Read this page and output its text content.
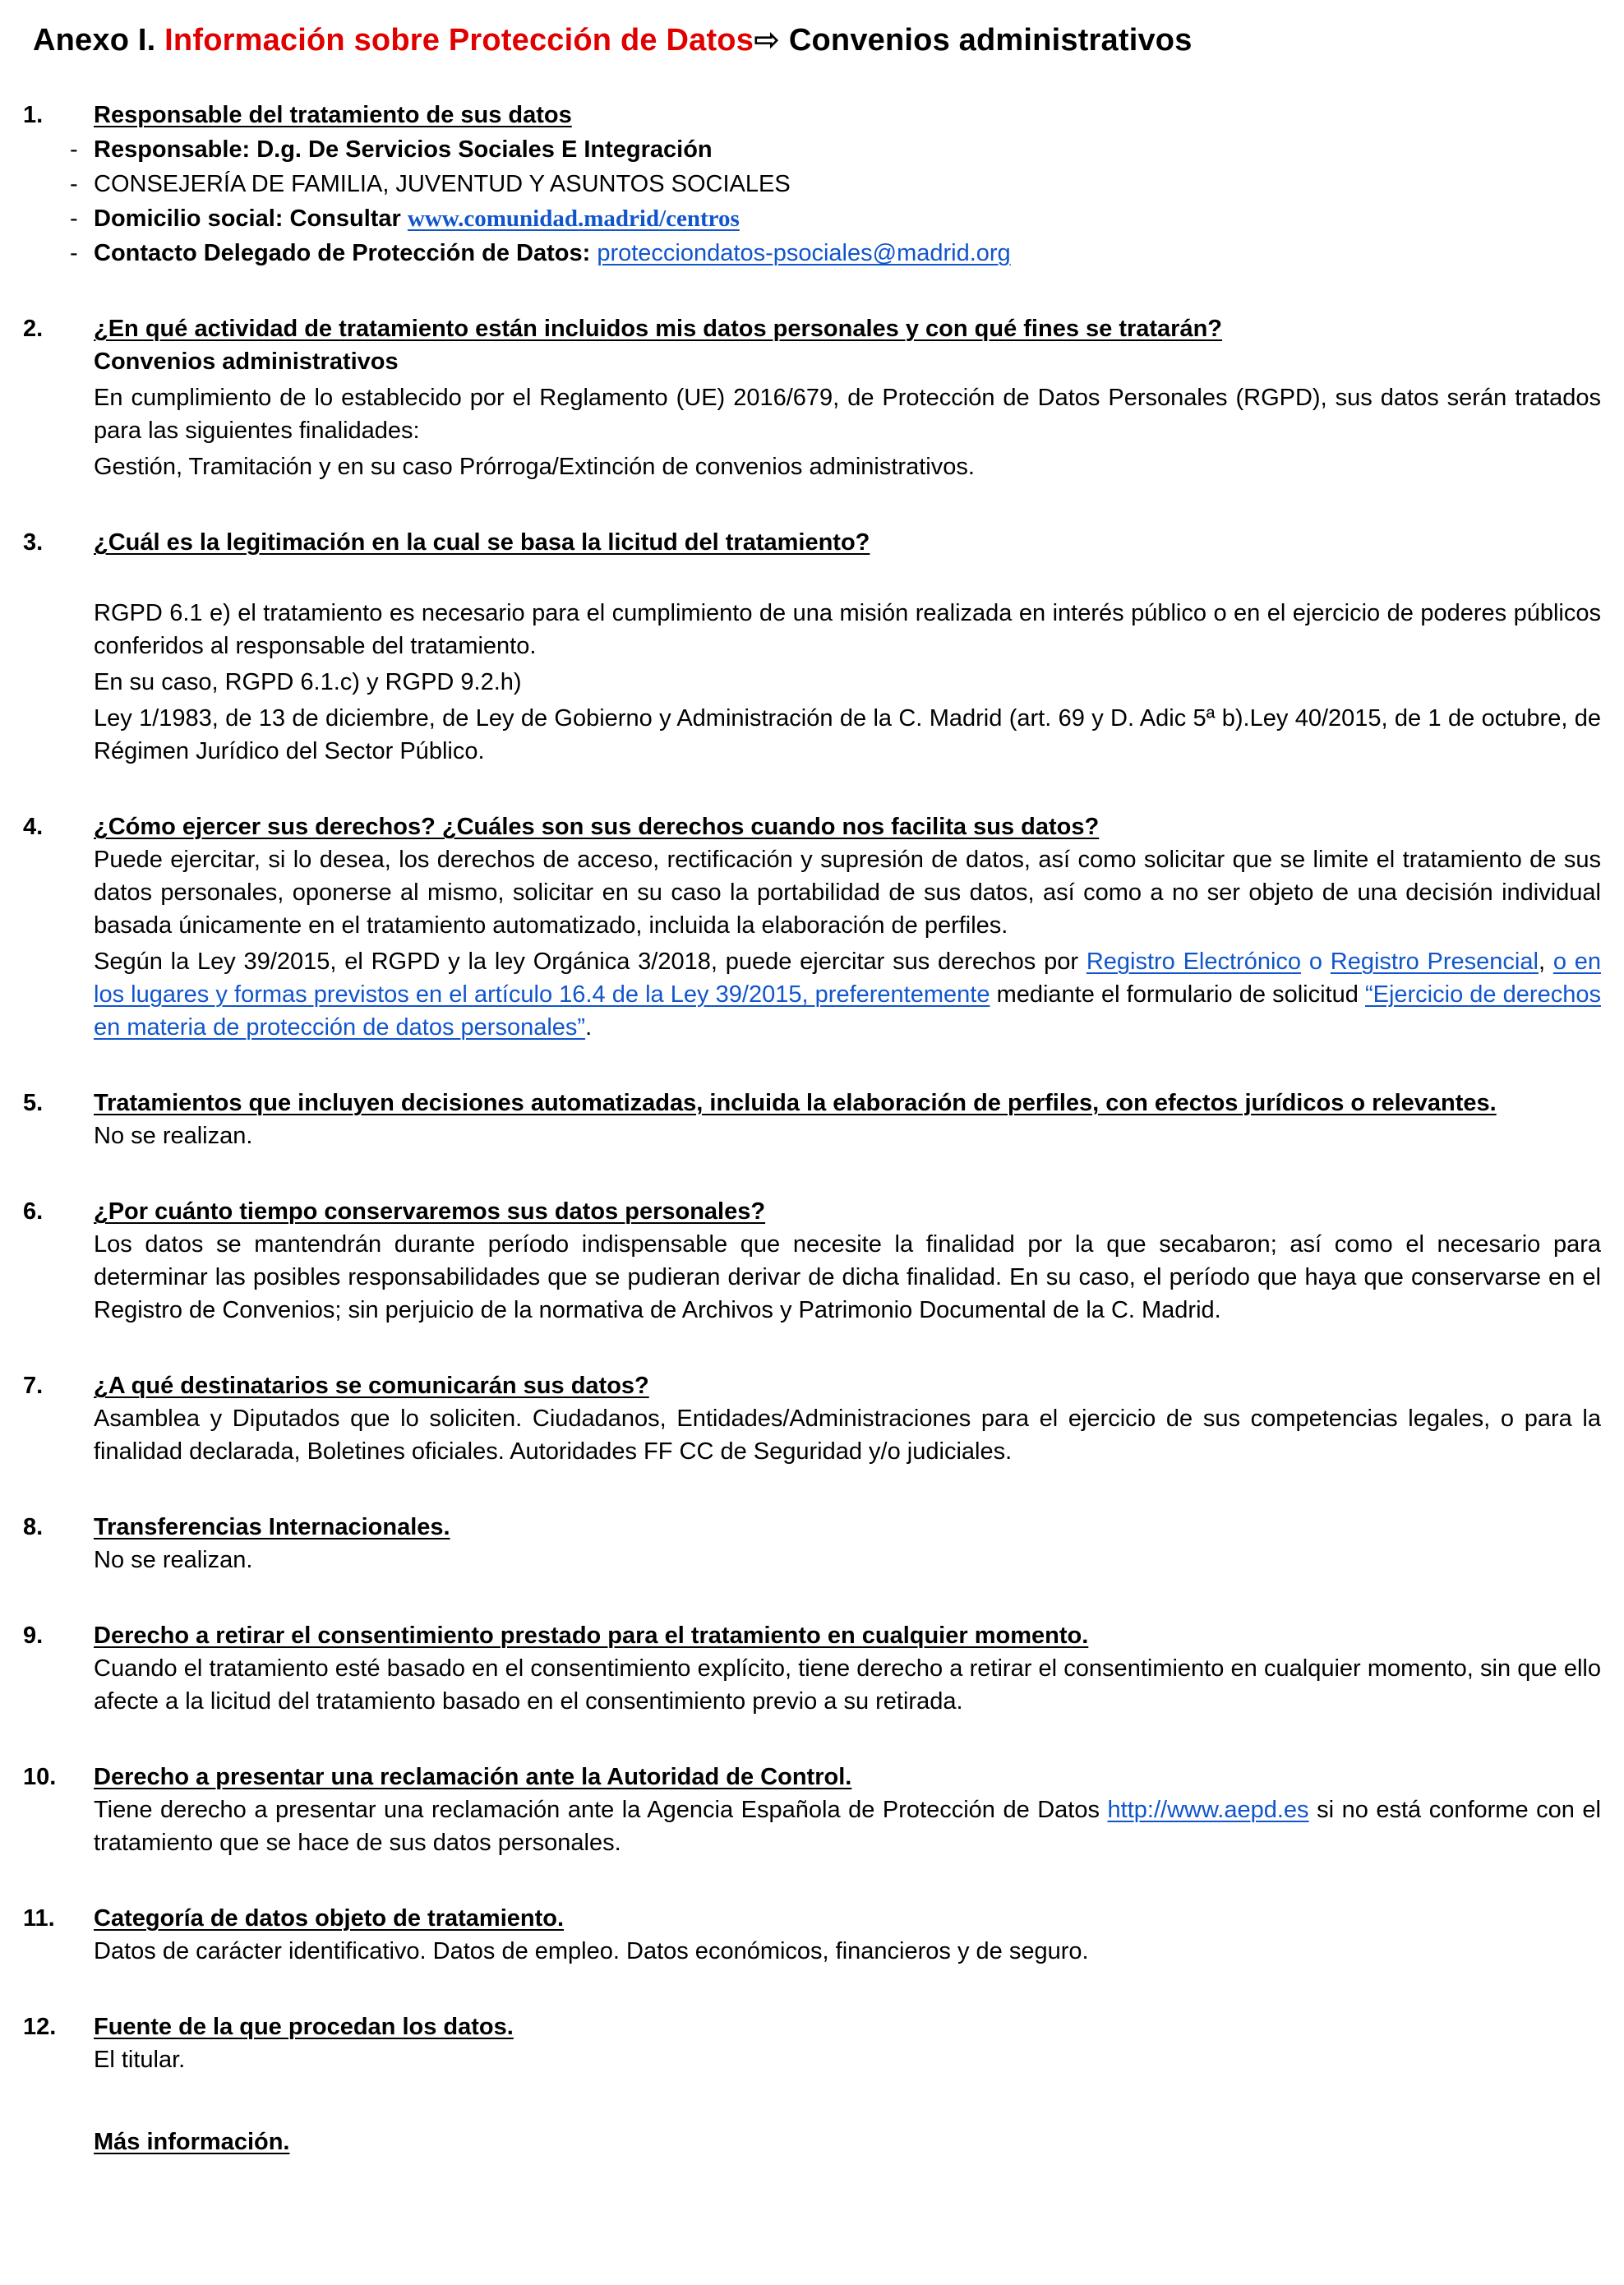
Anexo I. Información sobre Protección de Datos⇨ Convenios administrativos
1.	Responsable del tratamiento de sus datos
- Responsable: D.g. De Servicios Sociales E Integración
- CONSEJERÍA DE FAMILIA, JUVENTUD Y ASUNTOS SOCIALES
- Domicilio social: Consultar www.comunidad.madrid/centros
- Contacto Delegado de Protección de Datos: protecciondatos-psociales@madrid.org
2.	¿En qué actividad de tratamiento están incluidos mis datos personales y con qué fines se tratarán?
Convenios administrativos
En cumplimiento de lo establecido por el Reglamento (UE) 2016/679, de Protección de Datos Personales (RGPD), sus datos serán tratados para las siguientes finalidades:
Gestión, Tramitación y en su caso Prórroga/Extinción de convenios administrativos.
3.	¿Cuál es la legitimación en la cual se basa la licitud del tratamiento?
RGPD 6.1 e) el tratamiento es necesario para el cumplimiento de una misión realizada en interés público o en el ejercicio de poderes públicos conferidos al responsable del tratamiento.
En su caso, RGPD 6.1.c) y RGPD 9.2.h)
Ley 1/1983, de 13 de diciembre, de Ley de Gobierno y Administración de la C. Madrid (art. 69 y D. Adic 5ª b).Ley 40/2015, de 1 de octubre, de Régimen Jurídico del Sector Público.
4.	¿Cómo ejercer sus derechos? ¿Cuáles son sus derechos cuando nos facilita sus datos?
Puede ejercitar, si lo desea, los derechos de acceso, rectificación y supresión de datos, así como solicitar que se limite el tratamiento de sus datos personales, oponerse al mismo, solicitar en su caso la portabilidad de sus datos, así como a no ser objeto de una decisión individual basada únicamente en el tratamiento automatizado, incluida la elaboración de perfiles.
Según la Ley 39/2015, el RGPD y la ley Orgánica 3/2018, puede ejercitar sus derechos por Registro Electrónico o Registro Presencial, o en los lugares y formas previstos en el artículo 16.4 de la Ley 39/2015, preferentemente mediante el formulario de solicitud “Ejercicio de derechos en materia de protección de datos personales”.
5.	Tratamientos que incluyen decisiones automatizadas, incluida la elaboración de perfiles, con efectos jurídicos o relevantes.
No se realizan.
6.	¿Por cuánto tiempo conservaremos sus datos personales?
Los datos se mantendrán durante período indispensable que necesite la finalidad por la que secabaron; así como el necesario para determinar las posibles responsabilidades que se pudieran derivar de dicha finalidad. En su caso, el período que haya que conservarse en el Registro de Convenios; sin perjuicio de la normativa de Archivos y Patrimonio Documental de la C. Madrid.
7.	¿A qué destinatarios se comunicarán sus datos?
Asamblea y Diputados que lo soliciten. Ciudadanos, Entidades/Administraciones para el ejercicio de sus competencias legales, o para la finalidad declarada, Boletines oficiales. Autoridades FF CC de Seguridad y/o judiciales.
8.	Transferencias Internacionales.
No se realizan.
9.	Derecho a retirar el consentimiento prestado para el tratamiento en cualquier momento.
Cuando el tratamiento esté basado en el consentimiento explícito, tiene derecho a retirar el consentimiento en cualquier momento, sin que ello afecte a la licitud del tratamiento basado en el consentimiento previo a su retirada.
10.	Derecho a presentar una reclamación ante la Autoridad de Control.
Tiene derecho a presentar una reclamación ante la Agencia Española de Protección de Datos http://www.aepd.es si no está conforme con el tratamiento que se hace de sus datos personales.
11.	Categoría de datos objeto de tratamiento.
Datos de carácter identificativo. Datos de empleo. Datos económicos, financieros y de seguro.
12.	Fuente de la que procedan los datos.
El titular.
Más información.
